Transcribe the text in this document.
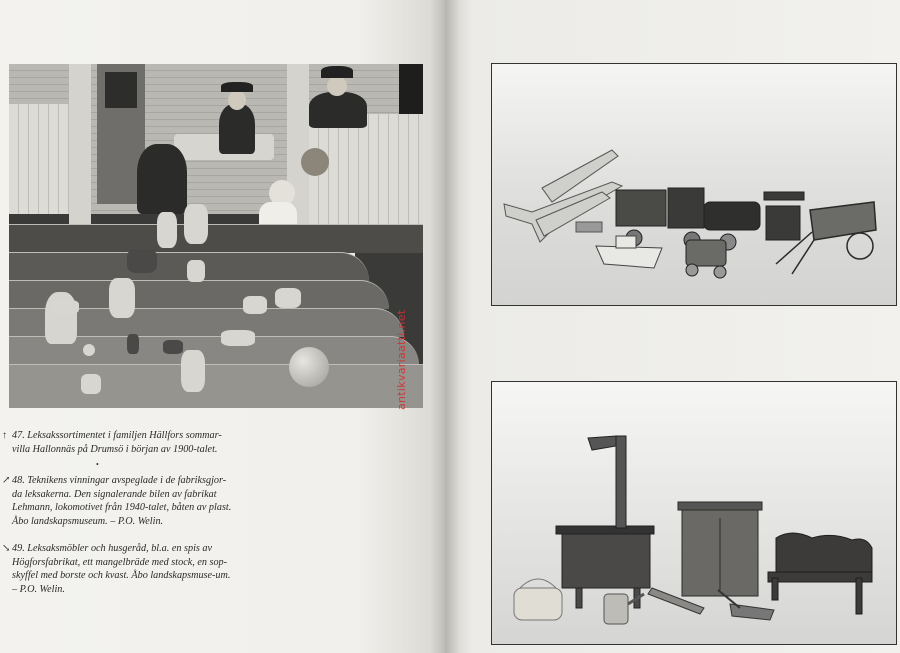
antikvariaatti.net
↑ 47. Leksakssortimentet i familjen Hällfors sommar-villa Hallonnäs på Drumsö i början av 1900-talet.
•
↗ 48. Teknikens vinningar avspeglade i de fabriksgjor-da leksakerna. Den signalerande bilen av fabrikat Lehmann, lokomotivet från 1940-talet, båten av plast. Åbo landskapsmuseum. – P.O. Welin.
↘ 49. Leksaksmöbler och husgeråd, bl.a. en spis av Högforsfabrikat, ett mangelbräde med stock, en sop-skyffel med borste och kvast. Åbo landskapsmuse-um. – P.O. Welin.
